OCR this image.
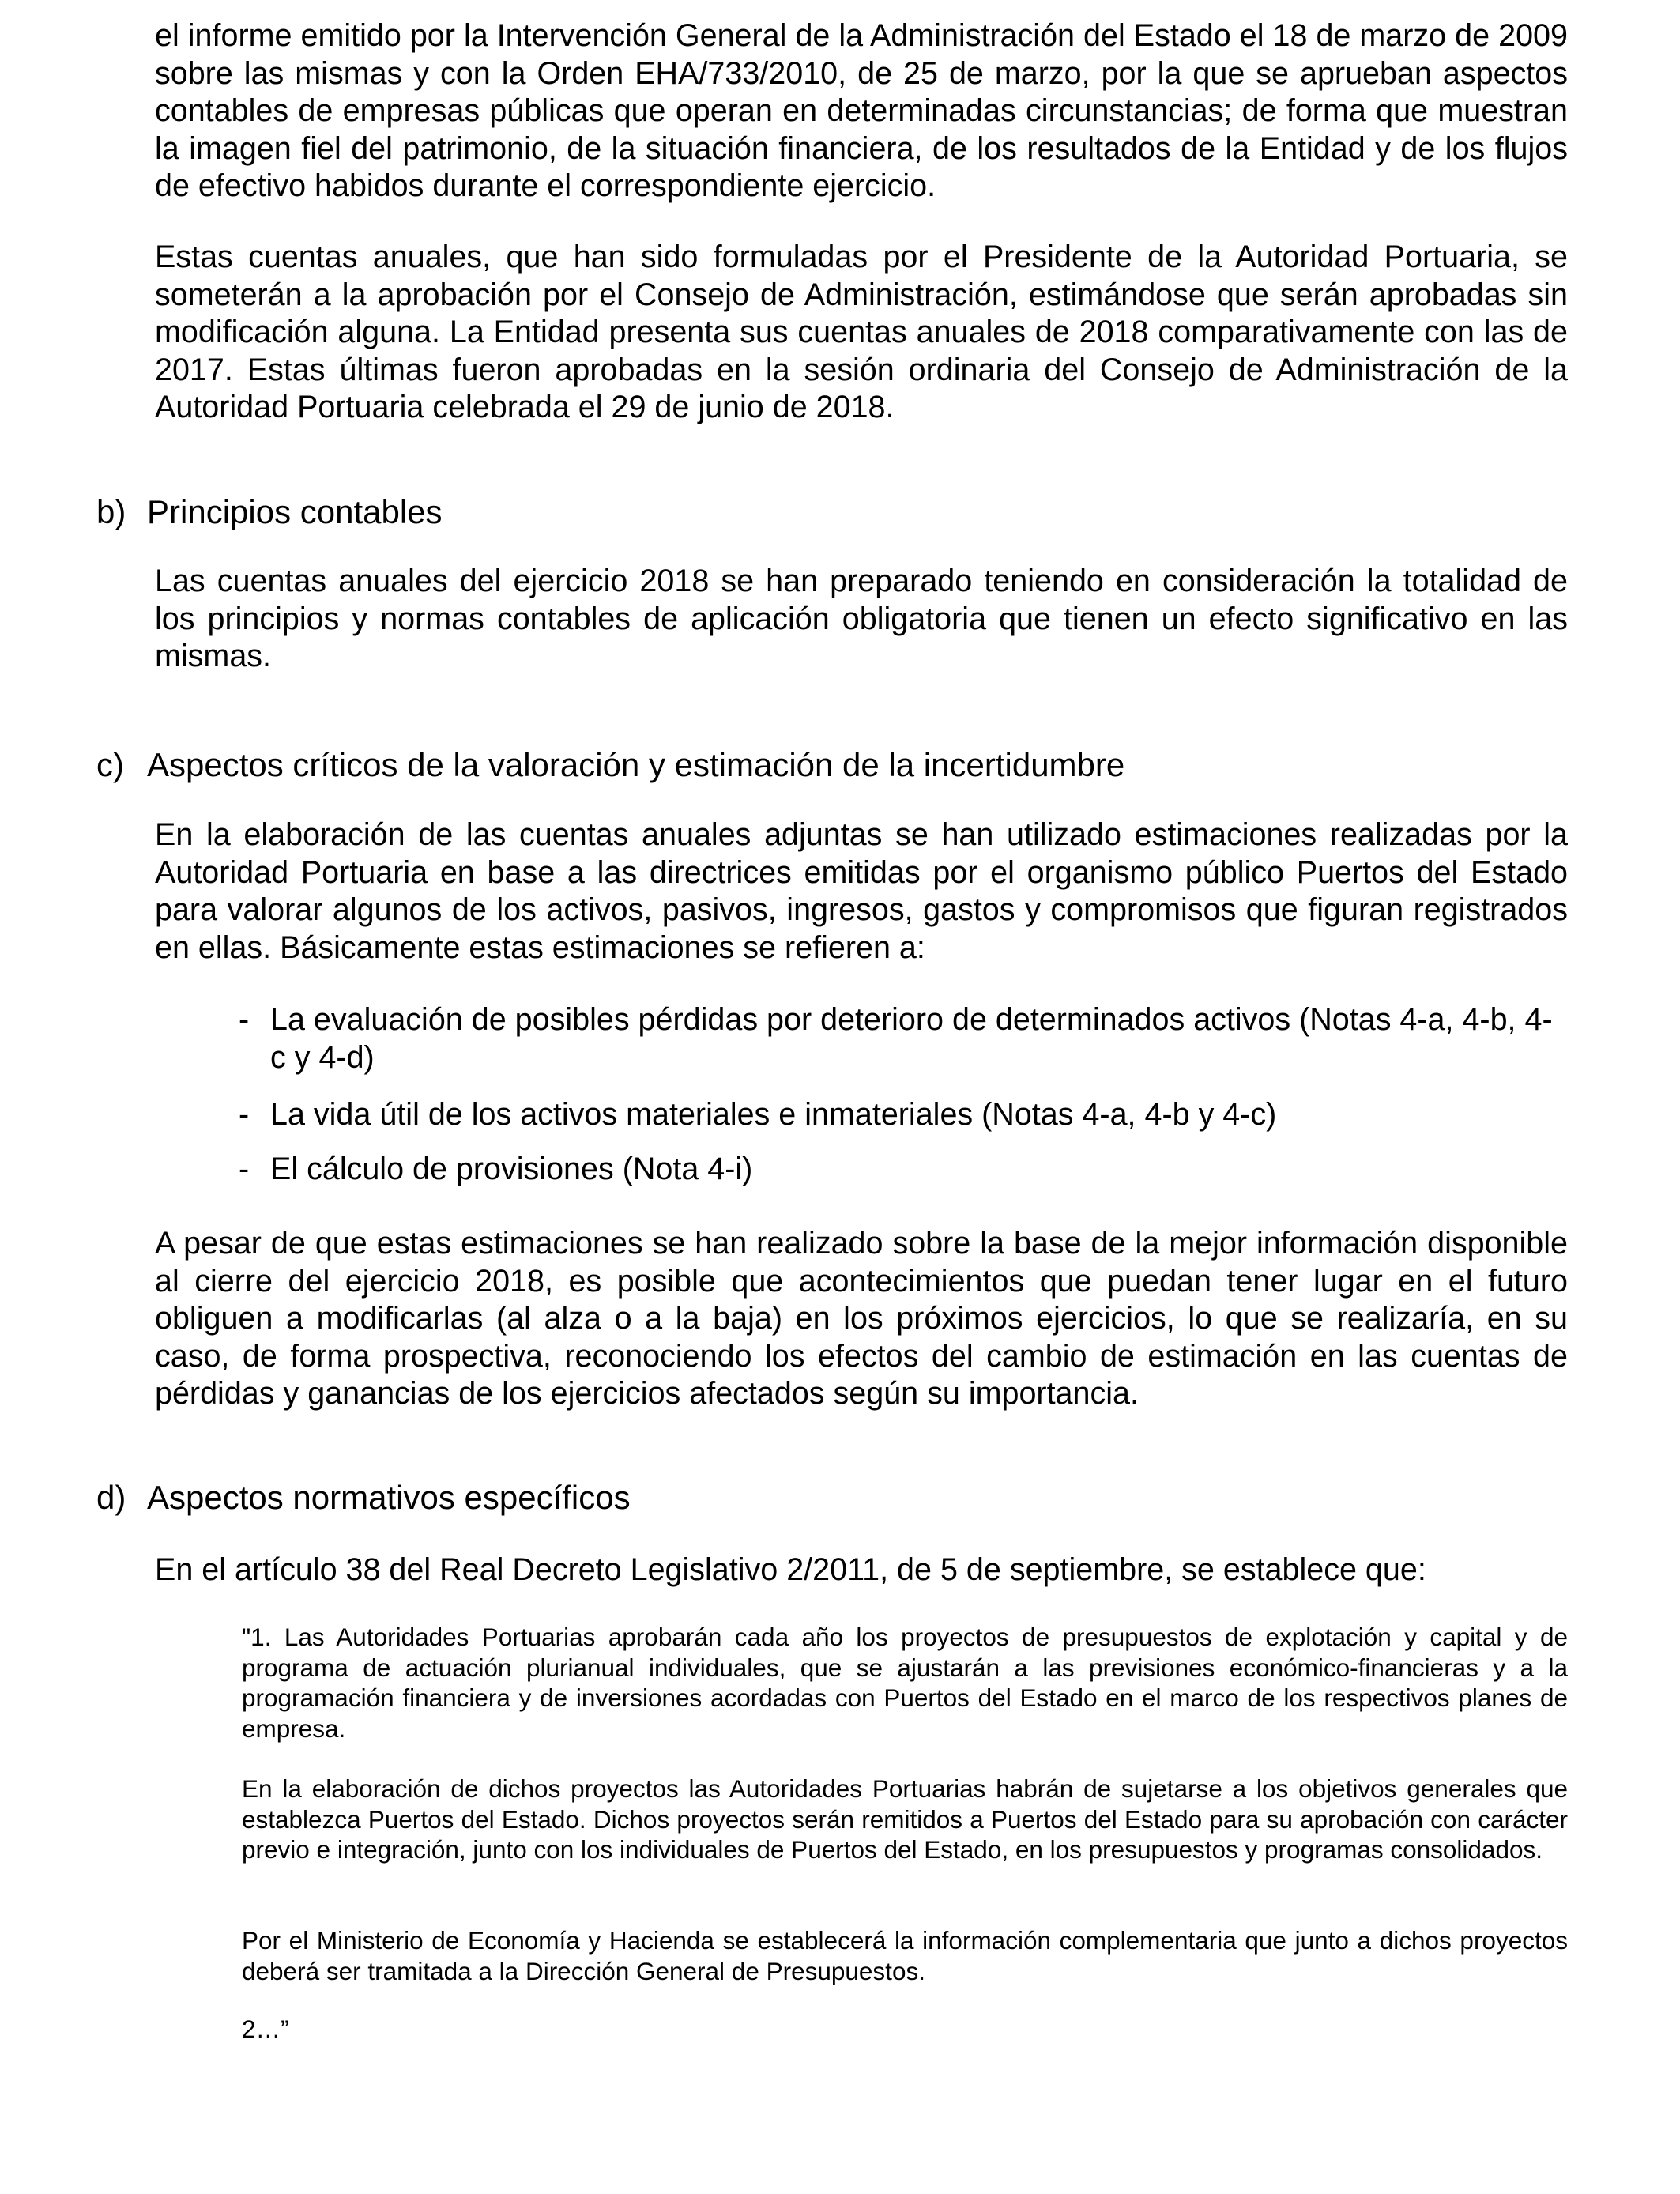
el informe emitido por la Intervención General de la Administración del Estado el 18 de marzo de 2009 sobre las mismas y con la Orden EHA/733/2010, de 25 de marzo, por la que se aprueban aspectos contables de empresas públicas que operan en determinadas circunstancias; de forma que muestran la imagen fiel del patrimonio, de la situación financiera, de los resultados de la Entidad y de los flujos de efectivo habidos durante el correspondiente ejercicio.

Estas cuentas anuales, que han sido formuladas por el Presidente de la Autoridad Portuaria, se someterán a la aprobación por el Consejo de Administración, estimándose que serán aprobadas sin modificación alguna. La Entidad presenta sus cuentas anuales de 2018 comparativamente con las de 2017. Estas últimas fueron aprobadas en la sesión ordinaria del Consejo de Administración de la Autoridad Portuaria celebrada el 29 de junio de 2018.

b) Principios contables

Las cuentas anuales del ejercicio 2018 se han preparado teniendo en consideración la totalidad de los principios y normas contables de aplicación obligatoria que tienen un efecto significativo en las mismas.

c) Aspectos críticos de la valoración y estimación de la incertidumbre

En la elaboración de las cuentas anuales adjuntas se han utilizado estimaciones realizadas por la Autoridad Portuaria en base a las directrices emitidas por el organismo público Puertos del Estado para valorar algunos de los activos, pasivos, ingresos, gastos y compromisos que figuran registrados en ellas. Básicamente estas estimaciones se refieren a:

- La evaluación de posibles pérdidas por deterioro de determinados activos (Notas 4-a, 4-b, 4-c y 4-d)
- La vida útil de los activos materiales e inmateriales (Notas 4-a, 4-b y 4-c)
- El cálculo de provisiones (Nota 4-i)

A pesar de que estas estimaciones se han realizado sobre la base de la mejor información disponible al cierre del ejercicio 2018, es posible que acontecimientos que puedan tener lugar en el futuro obliguen a modificarlas (al alza o a la baja) en los próximos ejercicios, lo que se realizaría, en su caso, de forma prospectiva, reconociendo los efectos del cambio de estimación en las cuentas de pérdidas y ganancias de los ejercicios afectados según su importancia.

d) Aspectos normativos específicos

En el artículo 38 del Real Decreto Legislativo 2/2011, de 5 de septiembre, se establece que:

"1. Las Autoridades Portuarias aprobarán cada año los proyectos de presupuestos de explotación y capital y de programa de actuación plurianual individuales, que se ajustarán a las previsiones económico-financieras y a la programación financiera y de inversiones acordadas con Puertos del Estado en el marco de los respectivos planes de empresa.

En la elaboración de dichos proyectos las Autoridades Portuarias habrán de sujetarse a los objetivos generales que establezca Puertos del Estado. Dichos proyectos serán remitidos a Puertos del Estado para su aprobación con carácter previo e integración, junto con los individuales de Puertos del Estado, en los presupuestos y programas consolidados.

Por el Ministerio de Economía y Hacienda se establecerá la información complementaria que junto a dichos proyectos deberá ser tramitada a la Dirección General de Presupuestos.

2…”
